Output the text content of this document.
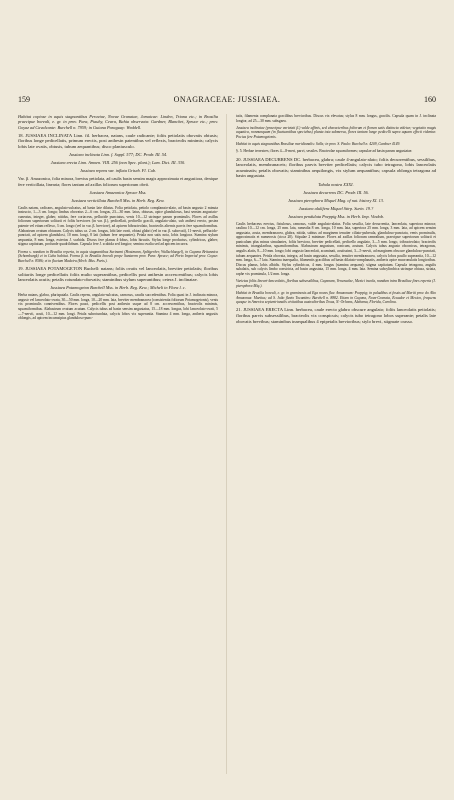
159	ONAGRACEAE: JUSSIAEA.	160

Habitat copiose in aquis stagnantibus Peruviae, Novae Granatae, Jamaicae: Linden, Triana etc.; in Brasilia praecipue boreali, e. gr. in prov. Para, Piauhy, Ceara, Bahia observata: Gardner, Blanchet, Spruce etc.; prov. Goyaz ad Cavalcante: Burchell n. 7959; in Guiana Paraguay: Weddell.

18. JUSSIAEA INCLINATA Linn. fil. herbacea, natans, caule radicante; foliis petiolatis obovatis obtusis; floribus longe pedicellatis, primum erectis, post anthesin patentibus vel reflexis, bracteolis minimis; calycis lobis late ovatis, obtusis, tubum aequantibus; disco planiusculo.

Jussiaea inclinata Linn. f. Suppl. 577; DC. Prodr. III. 54.

Jussiaea erecta Linn. Amoen. VIII. 256 (non Spec. plant.); Lam. Dict. III. 330.

Jussiaea repens var. inflata Griseb. Fl. Cub.

Var. β. Amazonica, folia minora, brevius petiolata, ad caulis basin sensim magis approximata et angustiora, denique fere verticillata, linearia; flores tantum ad axillas foliorum superiorum obvii.

Jussiaea Amazonica Spruce Mss.

Jussiaea verticillata Burchell Mss. in Herb. Reg. Kew.

Caulis natans, radicans, angulato-sulcatus, ad basin late dilatus. Folia petiolata, petiolo complanato-alato, ad basin angusto 2 minuta instructo, 1—3 cm. longa; limbus obovatus 2—6 cm. longus, 23—30 mm. latus, obtusus, apice glandulosus, basi sensim angustato-cuneatus, integer, glaber, nitidus, fere coriaceus, pellucide punctatus, venis 10—12 utrinque parum prominulis. Flores ad axillas foliorum superiorum solitarii et foliis breviores (in var. β.), pedicellati, pedicello gracili, angulato-alato, sub anthesi erecto, postea patente vel etiam reflexo, 3 cm. longo (vel in var. β. breviore), ad apicem bibracteolato, bracteolis alternis parvis fere squamiformibus. Alabastrum ovatum obtusum. Calycis tubus ca. 2 cm. longus, lobi late ovati, obtusi glabri (vel in var. β. subovati), 11-nervii, pellucido-punctati, ad apicem glandulosi, 10 mm. longi, 8 lati (tubum fere aequantes). Petala non satis nota, lobis longiora. Stamina stylum aequantia, 8 mm. longa, exterius J. scabida. Discus fere planus 4-lobus, lobis hirsutis. Stylus longe productus, cylindricus, glaber; stigma capitatum, profunde quadrilobum. Capsula fere J. scabida sed longior; semina ovalia sed ad apicem incurva.

Forma s. nondum in Brasilia reperta, in aquis stagnantibus Surinami (Hostmann, Splitgerber, Wullschlaegel), in Guyana Britannica (Schomburgk) et in Cuba habitat. Forma β. in Brasilia boreali prope Santarem prov. Para: Spruce; ad Porto Imperial prov. Goyaz: Burchell n. 8586; et in fluvium Madeira (Herb. Mus. Paris.).

19. JUSSIAEA POTAMOGETON Buchell: natans; foliis ovatis vel lanceolatis, breviter petiolatis; floribus solitariis longe pedicellatis foliis multo superantibus, pedicellis post anthesin accrescentibus; calycis lobis lanceolatis acutis; petalis rotundato-obovatis; staminibus stylum superantibus; cetera J. inclinatae.

Jussiaea Potamogeton Burchell Mss. in Herb. Reg. Kew.; Micheli in Flora l. c.

Herba natans, glabra, plurispatala. Caulis repens, angulato-sulcatus, carnosus, caudis succedentibus. Folia quasi in J. inclinata minora, angustr vel lanceolato-ovata, 30—50 mm. longa, 10—20 mm. lata, breviter membranacea (consistentia foliorum Potamogetonis), venis vix prominulis conniventibus. Flores pauci, pedicellis post anthesin usque ad 8 cm. accrescentibus, bracteolis minimis, squamiformibus. Alabastrum ovatum acutum. Calycis tubus ad basin sensim angustatus, 15—18 mm. longus, lobi lanceolato-ovati, 5—7-nervii, acuti, 10—12 mm. longi. Petala subrotundata, calycis lobos vix superantia. Stamina 4 mm. longa, antheris angustis oblongis, ad apicem incumsipius glanduloso-punc-

tatis, filamenta complanata gracilibus brevioribus. Discus vix elevatus; stylus 8 mm. longus, gracilis. Capsula quam in J. inclinata longior, ad 25—30 mm. subsgaea.

Jussiaea inclinatae (praecipue varietati β.) valde affinis, sed characteribus foliorum et florum satis distincta videtur; vegetatio magis aquatica, nonnunquam (in fluctuantibus speciebus) planta tota submersa, flores tantum longe pedicelli supra aquam effecti videntur. Pocius fere Potamogetonis.

Habitat in aquis stagnantibus Brasiliae meridionalis: Sella; in prov. S. Paulo: Burchell n. 4209, Gardner 4149.

§. 5. Herbae terrestres; flores 4—8-meri, parvi, sessiles. Bracteolae squamiformes; capsulae ad basin parum angustatae.

20. JUSSIAEA DECURRENS DC. herbacea, glabra; caule 4-angulato-alato; foliis decurrentibus, sessilibus, lanceolatis, membranaceis; floribus parvis breviter pedicellatis; calycis tubo tetragono, lobis lanceolatis acuminatis; petalis obovatis; staminibus aequilongis, vix stylum aequantibus; capsula oblonga tetragona ad basin angustata.

Tabula nostra XXXI.

Jussiaea decurrens DC. Prodr. III. 56.

Jussiaea pterophora Miquel Mag. of nat. history XI. 13.

Jussiaea alulifera Miquel Stirp. Surin. 19.?

Jussiaea pendulata Poeppig Mss. in Herb. Imp. Vindob.

Caulis herbaceus erectus, fistulosus, ramosus, valde angulato-alatus. Folia sessilia, late decurrentia, lanceolata, superiora minora; caulina 10—12 cm. longa, 25 mm. lata, ramealia 8 cm. longa, 10 mm. lata, superiora 25 mm. longa, 3 mm. lata, ad apicem sensim angustata, acuta, membranacea, glabra, nitida, subtus ad marginem tenuiter ciliato-puberula, glanduloso-punctata, venis prominulis, approximatis et numerosis (circa 20). Stipulae 2 minimae. Flores ad axillas foliorum ramealium, praecipue superiorum solitarii et paniculam plus minus simulantes, foliis breviora, breviter pedicellati, pedicello angulato, 3—5 mm. longo, tribracteolato; bracteolis minimis, triangularibus, squamiformibus. Alabastrum angustum, conicum, acutum. Calycis tubus angusto obconicus, tetragonus, angulis alatis, 8—10 mm. longo; lobi angusto lanceolati, acuminati, acutissimi, 3—5-nervii, ad marginem obscure glanduloso-punctati, tubum aequantes. Petala obovata, integra, ad basin angustata, sessilia, tenuiter membranacea, calycis lobos paullo superantia, 10—12 mm. longa, 6—7 lata. Stamina inaequalia, filamentis gracilibus ad basin dilatato-complanatis, antheris apice mucronulatis longioribus. Discus planus, lobis albidis. Stylus cylindricus, 4 mm. longus (stamina aequans); stigma capitatum. Capsula tetragona, angulis subalatis, sub calycis limbo constricta, ad basin angustata, 15 mm. longa, 4 mm. lata. Semina subcylindrica utrinque obtusa, striata, raphe vix prominula, 1/2 mm. longa.

Varietas foliis lineari-lanceolatis, floribus subsessilibus, Guyanam, Venezuelae, Mexici incola, nondum intra Brasiliae fines reperta (J. pterophora Miq.).

Habitat in Brasilia boreali, e. gr. in graminosis ad Ega novas fluv. Amazonum: Poeppig; in paludibus et fossis ad Mariti prov. do Alto Amazonas: Martius; ad S. João fluvio Tocantins: Burchell n. 8882. Etiam in Guyana, Nova-Granata, Ecuador et Mexico, frequens quoque in America septentrionalis civitatibus australioribus Texas, N.-Orleans, Alabama, Florida, Carolina.

21. JUSSIAEA ERECTA Linn. herbacea, caule erecto glabro obscure angulato; foliis lanceolatis petiolatis; floribus parvis subsessilibus, bracteolis vix conspicuis; calycis tubo tetragono lobos superante; petalis late obovatis brevibus; staminibus inaequalibus 4 epipetalis brevioribus; stylo brevi, stigmate crasso.
